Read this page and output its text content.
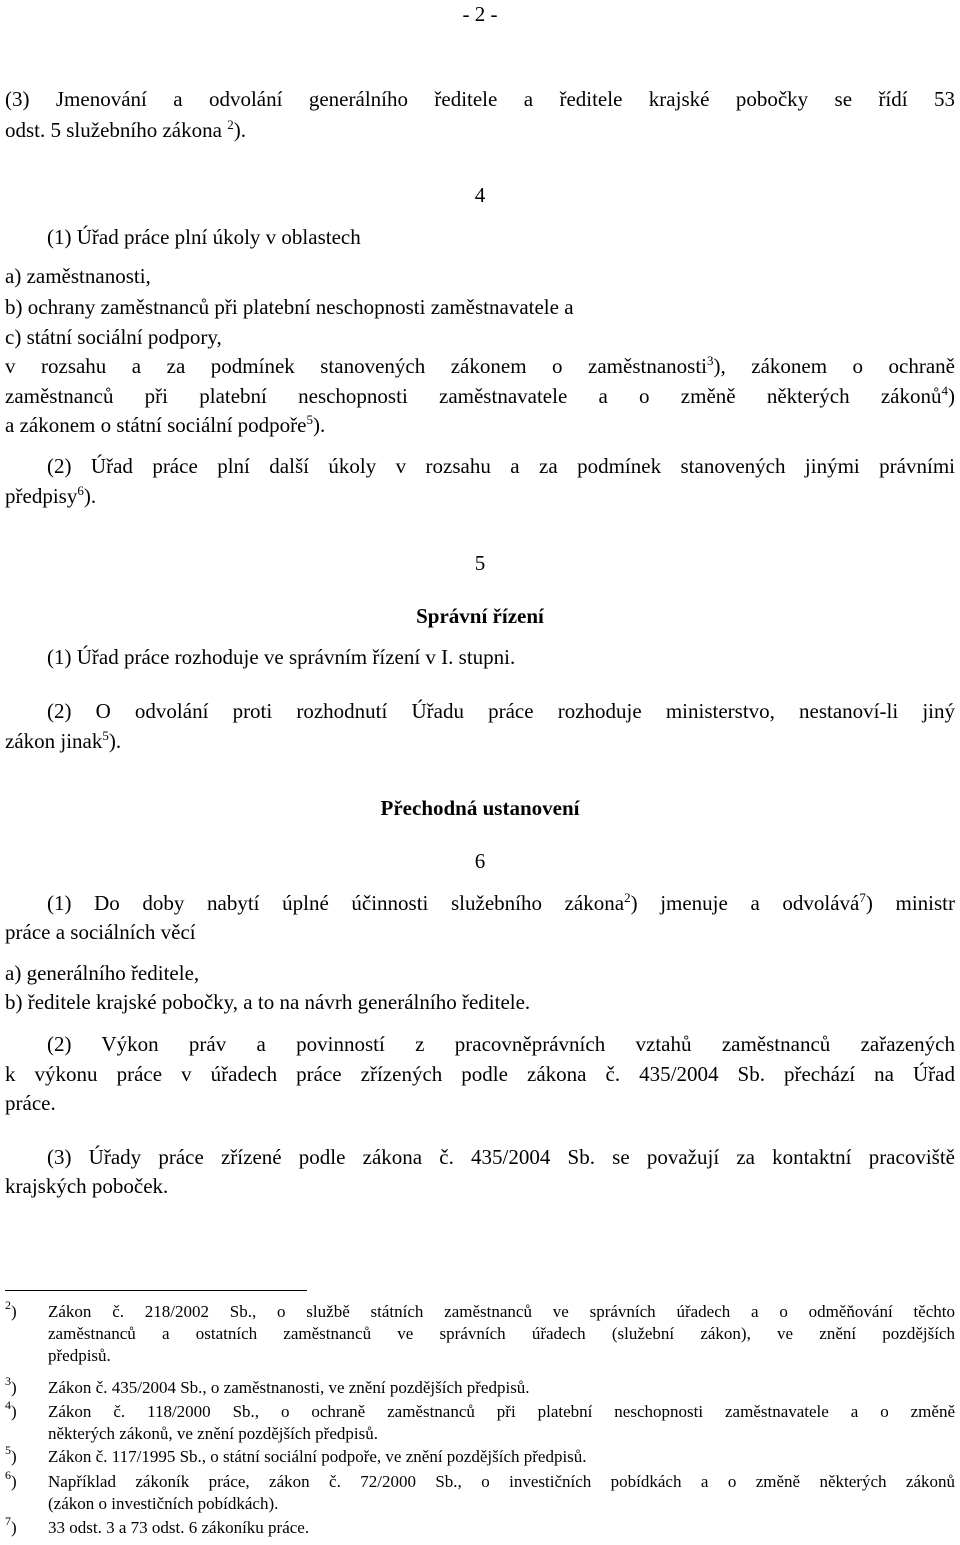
- 2 -
(3) Jmenování a odvolání generálního ředitele a ředitele krajské pobočky se řídí 53
odst. 5 služebního zákona $^2$).
4
(1) Úřad práce plní úkoly v oblastech
a) zaměstnanosti,
b) ochrany zaměstnanců při platební neschopnosti zaměstnavatele a
c) státní sociální podpory,
v rozsahu a za podmínek stanovených zákonem o zaměstnanosti$^3$), zákonem o ochraně
zaměstnanců při platební neschopnosti zaměstnavatele a o změně některých zákonů$^4$)
a zákonem o státní sociální podpoře$^5$).
(2) Úřad práce plní další úkoly v rozsahu a za podmínek stanovených jinými právními
předpisy$^6$).
5
Správní řízení
(1) Úřad práce rozhoduje ve správním řízení v I. stupni.
(2) O odvolání proti rozhodnutí Úřadu práce rozhoduje ministerstvo, nestanoví-li jiný
zákon jinak$^5$).
Přechodná ustanovení
6
(1) Do doby nabytí úplné účinnosti služebního zákona$^2$) jmenuje a odvolává$^7$) ministr
práce a sociálních věcí
a) generálního ředitele,
b) ředitele krajské pobočky, a to na návrh generálního ředitele.
(2) Výkon práv a povinností z pracovněprávních vztahů zaměstnanců zařazených
k výkonu práce v úřadech práce zřízených podle zákona č. 435/2004 Sb. přechází na Úřad
práce.
(3) Úřady práce zřízené podle zákona č. 435/2004 Sb. se považují za kontaktní pracoviště
krajských poboček.
$^2$) Zákon č. 218/2002 Sb., o službě státních zaměstnanců ve správních úřadech a o odměňování těchto
zaměstnanců a ostatních zaměstnanců ve správních úřadech (služební zákon), ve znění pozdějších
předpisů.
$^3$) Zákon č. 435/2004 Sb., o zaměstnanosti, ve znění pozdějších předpisů.
$^4$) Zákon č. 118/2000 Sb., o ochraně zaměstnanců při platební neschopnosti zaměstnavatele a o změně
některých zákonů, ve znění pozdějších předpisů.
$^5$) Zákon č. 117/1995 Sb., o státní sociální podpoře, ve znění pozdějších předpisů.
$^6$) Například zákoník práce, zákon č. 72/2000 Sb., o investičních pobídkách a o změně některých zákonů
(zákon o investičních pobídkách).
$^7$) 33 odst. 3 a 73 odst. 6 zákoníku práce.
